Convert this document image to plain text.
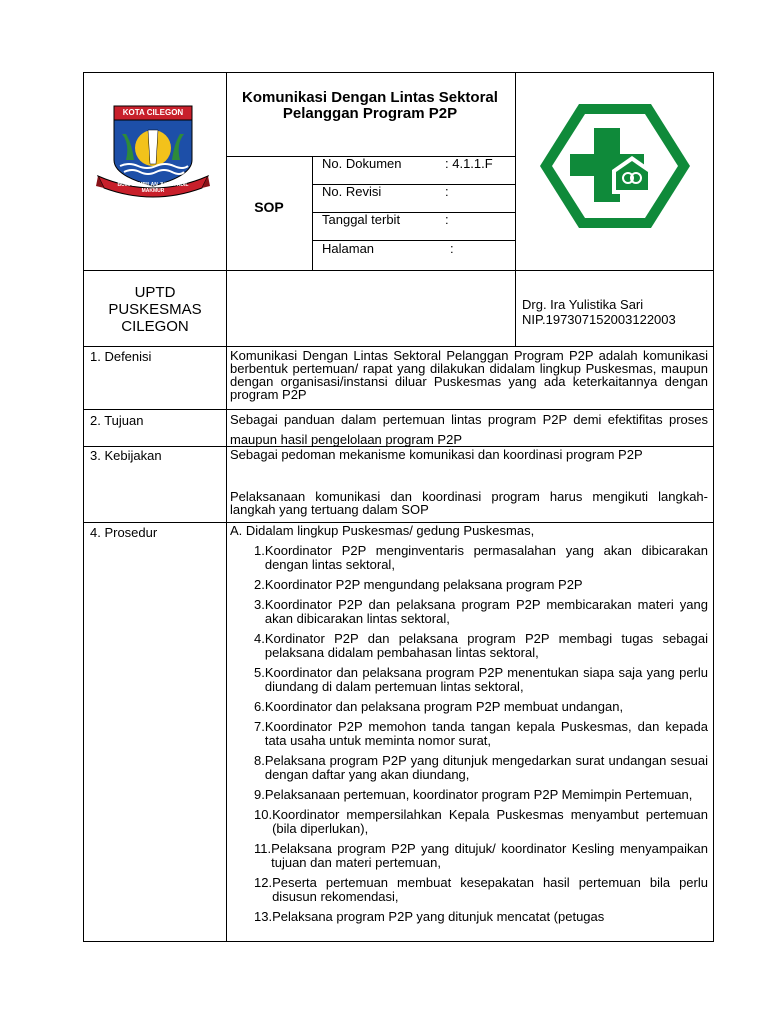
KOTA CILEGON
BUMI SEMBILAN JUJUR ADIL MAKMUR
Komunikasi Dengan Lintas Sektoral Pelanggan Program P2P
SOP
No. Dokumen	: 4.1.1.F
No. Revisi	:
Tanggal terbit	:
Halaman	:
UPTD
PUSKESMAS
CILEGON
Drg. Ira Yulistika Sari
NIP.197307152003122003
1. Defenisi	Komunikasi Dengan Lintas Sektoral Pelanggan Program P2P adalah komunikasi berbentuk pertemuan/ rapat yang dilakukan didalam lingkup Puskesmas, maupun dengan organisasi/instansi diluar Puskesmas yang ada keterkaitannya dengan program P2P
2. Tujuan	Sebagai panduan dalam pertemuan lintas program P2P demi efektifitas proses maupun hasil pengelolaan program P2P
3. Kebijakan	Sebagai pedoman mekanisme komunikasi dan koordinasi program P2P
Pelaksanaan komunikasi dan koordinasi program harus mengikuti langkah-langkah yang tertuang dalam SOP
4. Prosedur	A. Didalam lingkup Puskesmas/ gedung Puskesmas,
1. Koordinator P2P menginventaris permasalahan yang akan dibicarakan dengan lintas sektoral,
2. Koordinator P2P mengundang pelaksana program P2P
3. Koordinator P2P dan pelaksana program P2P membicarakan materi yang akan dibicarakan lintas sektoral,
4. Kordinator P2P dan pelaksana program P2P membagi tugas sebagai pelaksana didalam pembahasan lintas sektoral,
5. Koordinator dan pelaksana program P2P menentukan siapa saja yang perlu diundang di dalam pertemuan lintas sektoral,
6. Koordinator dan pelaksana program P2P membuat undangan,
7. Koordinator P2P memohon tanda tangan kepala Puskesmas, dan kepada tata usaha untuk meminta nomor surat,
8. Pelaksana program P2P yang ditunjuk mengedarkan surat undangan sesuai dengan daftar yang akan diundang,
9. Pelaksanaan pertemuan, koordinator program P2P Memimpin Pertemuan,
10. Koordinator mempersilahkan Kepala Puskesmas menyambut pertemuan (bila diperlukan),
11. Pelaksana program P2P yang ditujuk/ koordinator Kesling menyampaikan tujuan dan materi pertemuan,
12. Peserta pertemuan membuat kesepakatan hasil pertemuan bila perlu disusun rekomendasi,
13. Pelaksana program P2P yang ditunjuk mencatat (petugas
